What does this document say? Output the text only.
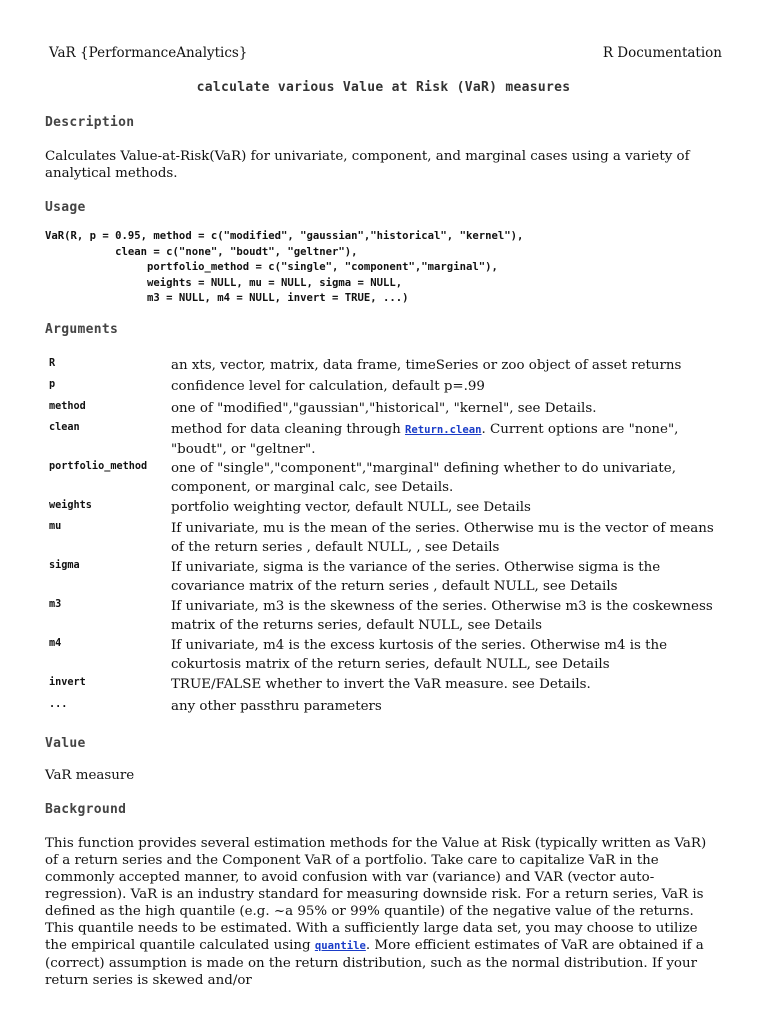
VaR {PerformanceAnalytics}	R Documentation
calculate various Value at Risk (VaR) measures
Description

Calculates Value-at-Risk(VaR) for univariate, component, and marginal cases using a variety of analytical methods.

Usage
VaR(R, p = 0.95, method = c("modified", "gaussian","historical", "kernel"),
clean = c("none", "boudt", "geltner"),
portfolio_method = c("single", "component","marginal"),
weights = NULL, mu = NULL, sigma = NULL,
m3 = NULL, m4 = NULL, invert = TRUE, ...)
Arguments
R	an xts, vector, matrix, data frame, timeSeries or zoo object of asset returns
p	confidence level for calculation, default p=.99
method	one of "modified","gaussian","historical", "kernel", see Details.
clean	method for data cleaning through Return.clean. Current options are "none", "boudt", or "geltner".
portfolio_method one of "single","component","marginal" defining whether to do univariate, component, or marginal calc, see Details.
weights	portfolio weighting vector, default NULL, see Details
mu	If univariate, mu is the mean of the series. Otherwise mu is the vector of means of the return series , default NULL, , see Details
sigma	If univariate, sigma is the variance of the series. Otherwise sigma is the covariance matrix of the return series , default NULL, see Details
m3	If univariate, m3 is the skewness of the series. Otherwise m3 is the coskewness matrix of the returns series, default NULL, see Details
m4	If univariate, m4 is the excess kurtosis of the series. Otherwise m4 is the cokurtosis matrix of the return series, default NULL, see Details
invert	TRUE/FALSE whether to invert the VaR measure. see Details.
...	any other passthru parameters
Value

VaR measure

Background

This function provides several estimation methods for the Value at Risk (typically written as VaR) of a return series and the Component VaR of a portfolio. Take care to capitalize VaR in the commonly accepted manner, to avoid confusion with var (variance) and VAR (vector auto-regression). VaR is an industry standard for measuring downside risk. For a return series, VaR is defined as the high quantile (e.g. ~a 95% or 99% quantile) of the negative value of the returns. This quantile needs to be estimated. With a sufficiently large data set, you may choose to utilize the empirical quantile calculated using quantile. More efficient estimates of VaR are obtained if a (correct) assumption is made on the return distribution, such as the normal distribution. If your return series is skewed and/or
